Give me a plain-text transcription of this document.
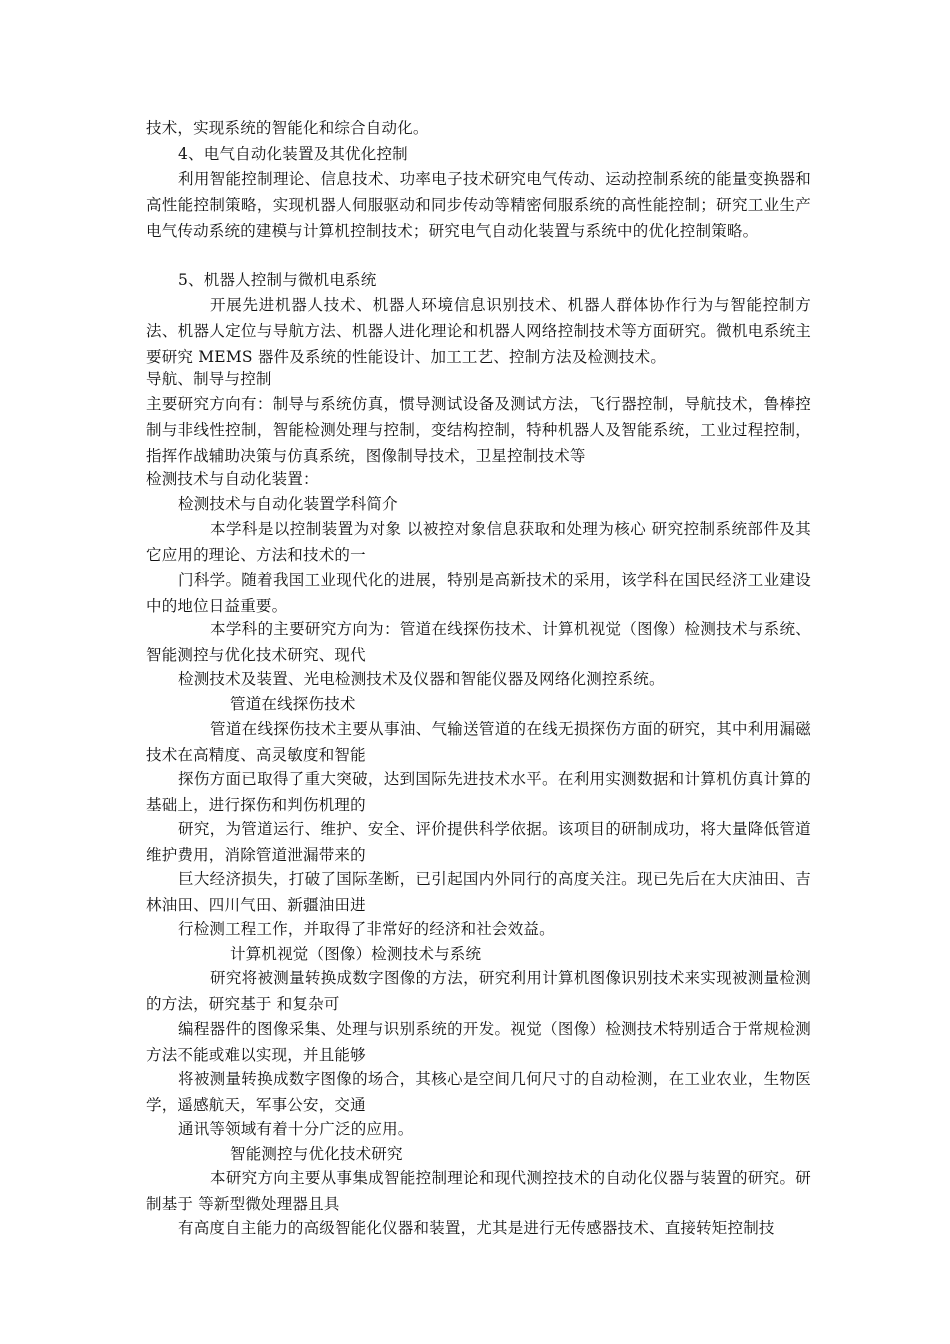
技术，实现系统的智能化和综合自动化。
4、电气自动化装置及其优化控制
利用智能控制理论、信息技术、功率电子技术研究电气传动、运动控制系统的能量变换器和高性能控制策略，实现机器人伺服驱动和同步传动等精密伺服系统的高性能控制；研究工业生产电气传动系统的建模与计算机控制技术；研究电气自动化装置与系统中的优化控制策略。
5、机器人控制与微机电系统
开展先进机器人技术、机器人环境信息识别技术、机器人群体协作行为与智能控制方法、机器人定位与导航方法、机器人进化理论和机器人网络控制技术等方面研究。微机电系统主要研究 MEMS 器件及系统的性能设计、加工工艺、控制方法及检测技术。
导航、制导与控制
主要研究方向有：制导与系统仿真，惯导测试设备及测试方法，飞行器控制，导航技术，鲁棒控制与非线性控制，智能检测处理与控制，变结构控制，特种机器人及智能系统，工业过程控制，指挥作战辅助决策与仿真系统，图像制导技术，卫星控制技术等
检测技术与自动化装置：
检测技术与自动化装置学科简介
本学科是以控制装置为对象 以被控对象信息获取和处理为核心 研究控制系统部件及其它应用的理论、方法和技术的一
门科学。随着我国工业现代化的进展，特别是高新技术的采用，该学科在国民经济工业建设中的地位日益重要。
本学科的主要研究方向为：管道在线探伤技术、计算机视觉（图像）检测技术与系统、智能测控与优化技术研究、现代
检测技术及装置、光电检测技术及仪器和智能仪器及网络化测控系统。
管道在线探伤技术
管道在线探伤技术主要从事油、气输送管道的在线无损探伤方面的研究，其中利用漏磁技术在高精度、高灵敏度和智能
探伤方面已取得了重大突破，达到国际先进技术水平。在利用实测数据和计算机仿真计算的基础上，进行探伤和判伤机理的
研究，为管道运行、维护、安全、评价提供科学依据。该项目的研制成功，将大量降低管道维护费用，消除管道泄漏带来的
巨大经济损失，打破了国际垄断，已引起国内外同行的高度关注。现已先后在大庆油田、吉林油田、四川气田、新疆油田进
行检测工程工作，并取得了非常好的经济和社会效益。
计算机视觉（图像）检测技术与系统
研究将被测量转换成数字图像的方法，研究利用计算机图像识别技术来实现被测量检测的方法，研究基于 和复杂可
编程器件的图像采集、处理与识别系统的开发。视觉（图像）检测技术特别适合于常规检测方法不能或难以实现，并且能够
将被测量转换成数字图像的场合，其核心是空间几何尺寸的自动检测，在工业农业，生物医学，遥感航天，军事公安，交通
通讯等领域有着十分广泛的应用。
智能测控与优化技术研究
本研究方向主要从事集成智能控制理论和现代测控技术的自动化仪器与装置的研究。研制基于 等新型微处理器且具
有高度自主能力的高级智能化仪器和装置，尤其是进行无传感器技术、直接转矩控制技
